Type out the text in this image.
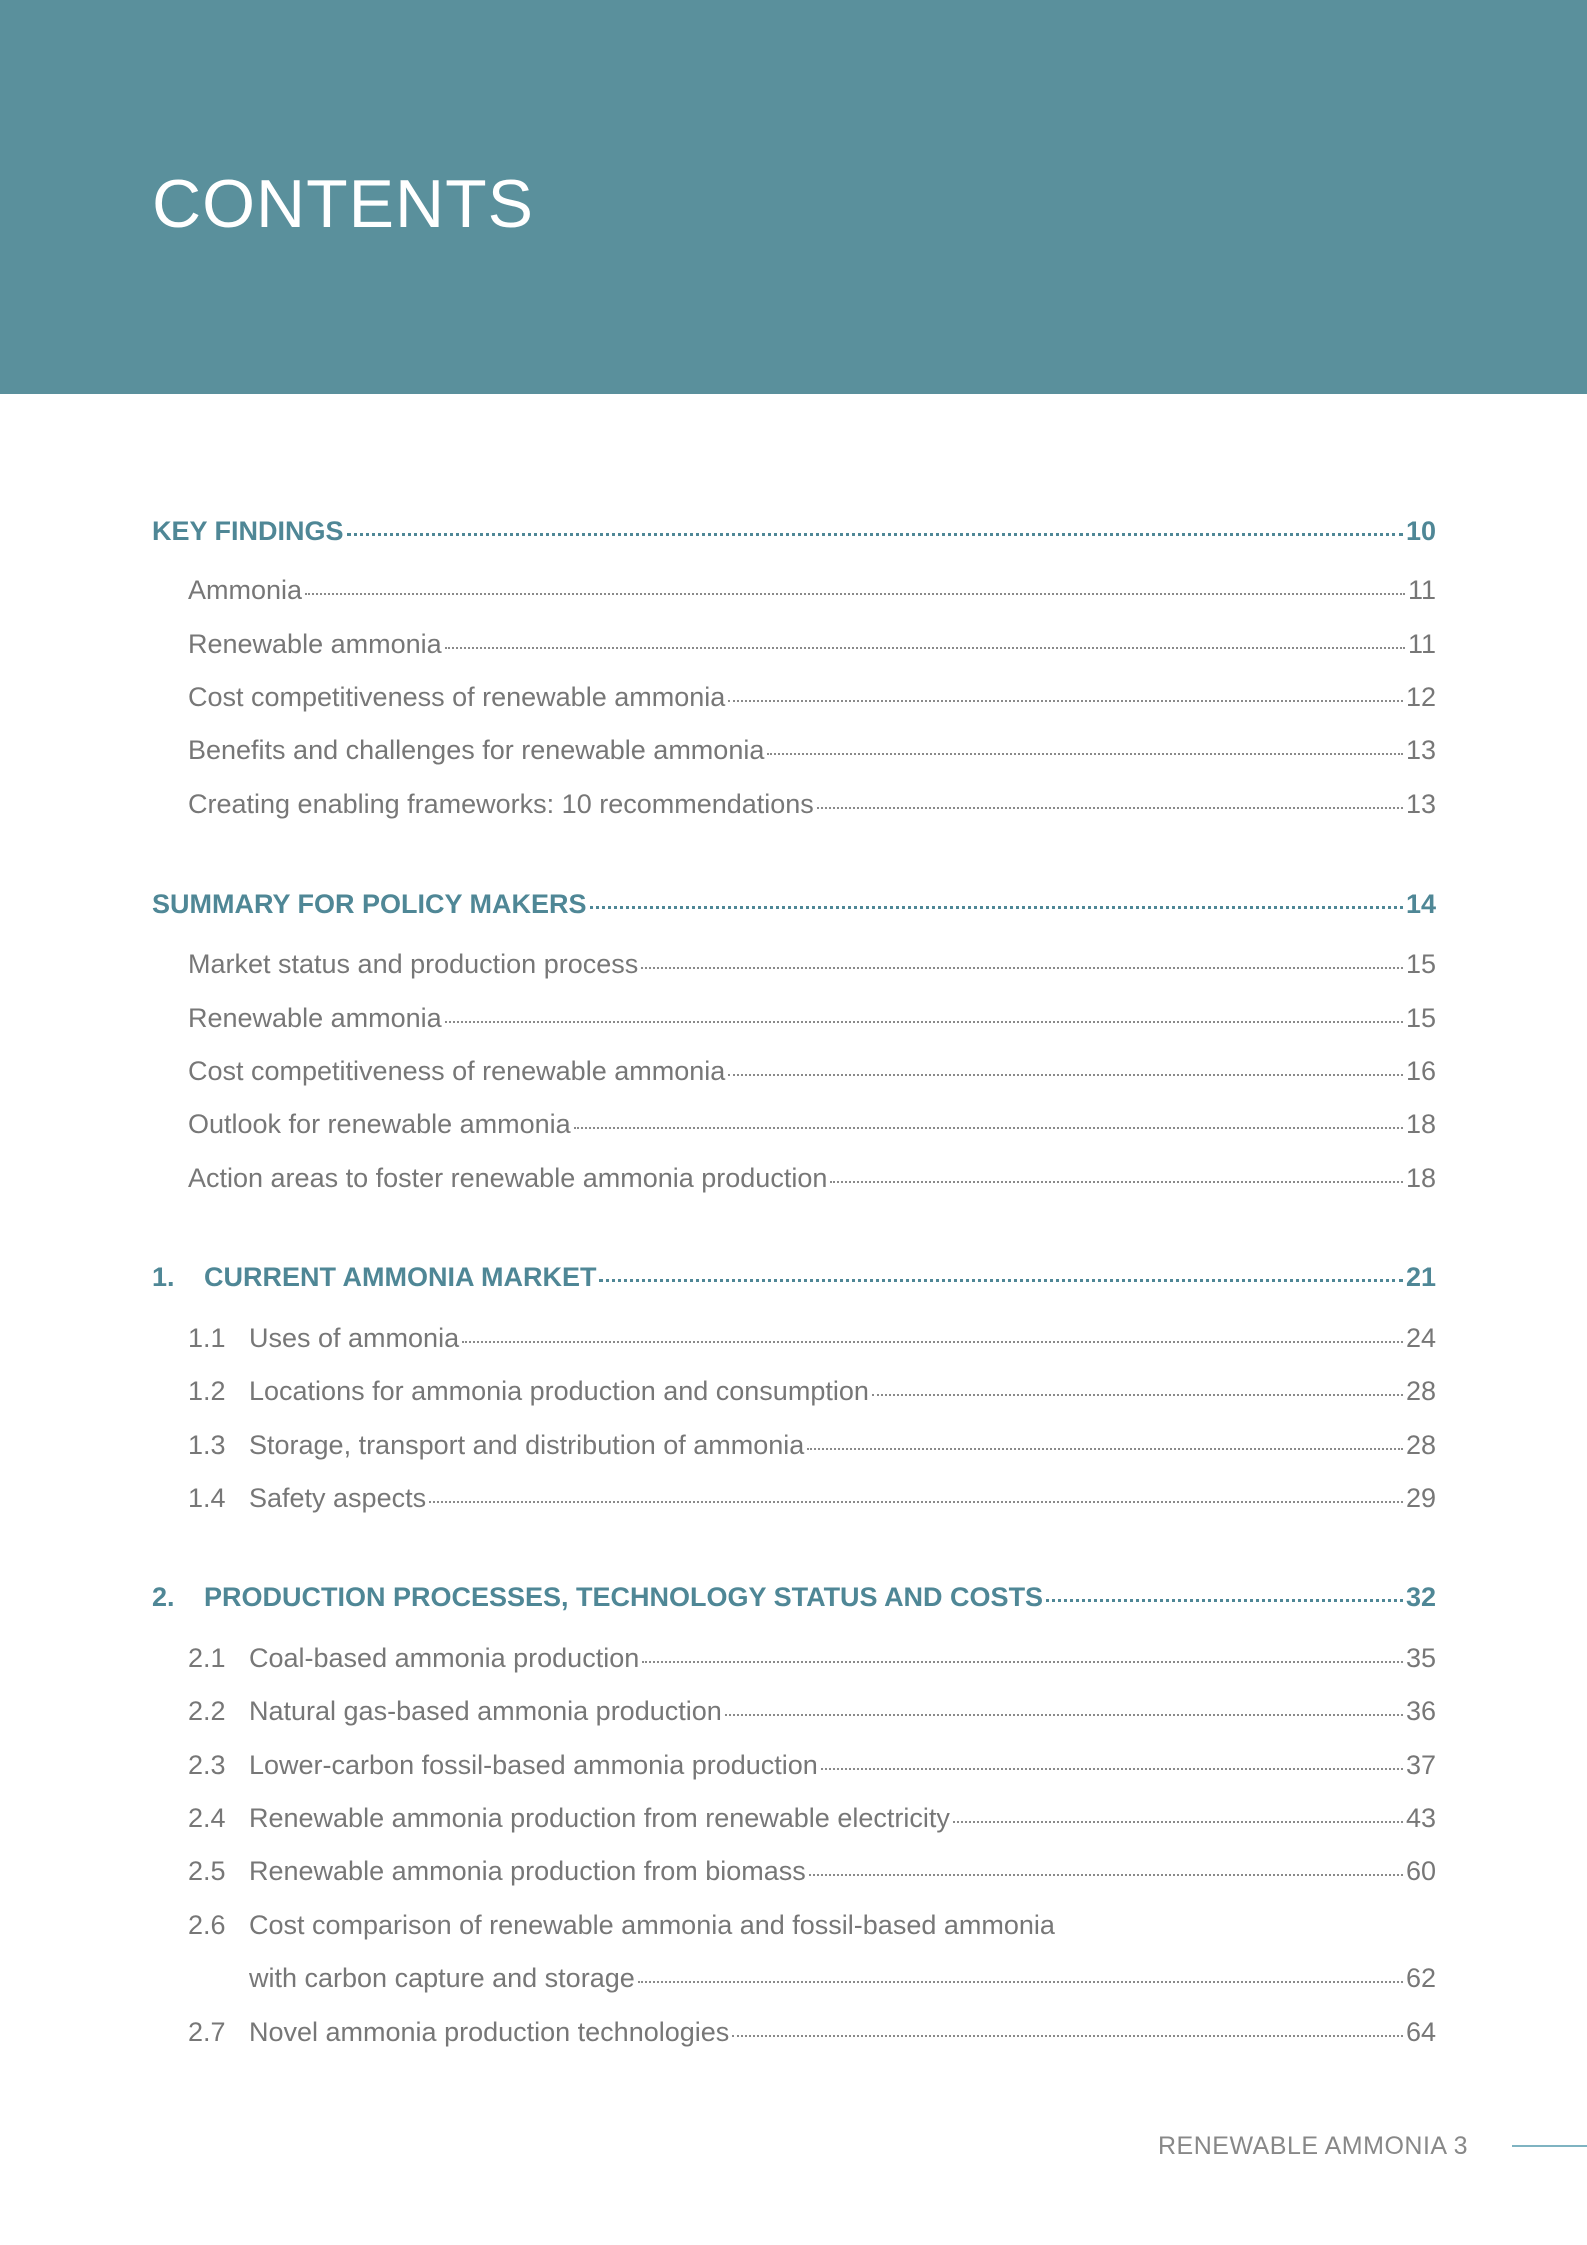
CONTENTS
KEY FINDINGS	10
Ammonia	11
Renewable ammonia	11
Cost competitiveness of renewable ammonia	12
Benefits and challenges for renewable ammonia	13
Creating enabling frameworks: 10 recommendations	13
SUMMARY FOR POLICY MAKERS	14
Market status and production process	15
Renewable ammonia	15
Cost competitiveness of renewable ammonia	16
Outlook for renewable ammonia	18
Action areas to foster renewable ammonia production	18
1.	CURRENT AMMONIA MARKET	21
1.1 Uses of ammonia	24
1.2 Locations for ammonia production and consumption	28
1.3 Storage, transport and distribution of ammonia	28
1.4 Safety aspects	29
2.	PRODUCTION PROCESSES, TECHNOLOGY STATUS AND COSTS	32
2.1 Coal-based ammonia production	35
2.2 Natural gas-based ammonia production	36
2.3 Lower-carbon fossil-based ammonia production	37
2.4 Renewable ammonia production from renewable electricity	43
2.5 Renewable ammonia production from biomass	60
2.6 Cost comparison of renewable ammonia and fossil-based ammonia
with carbon capture and storage	62
2.7 Novel ammonia production technologies	64
RENEWABLE AMMONIA 3
